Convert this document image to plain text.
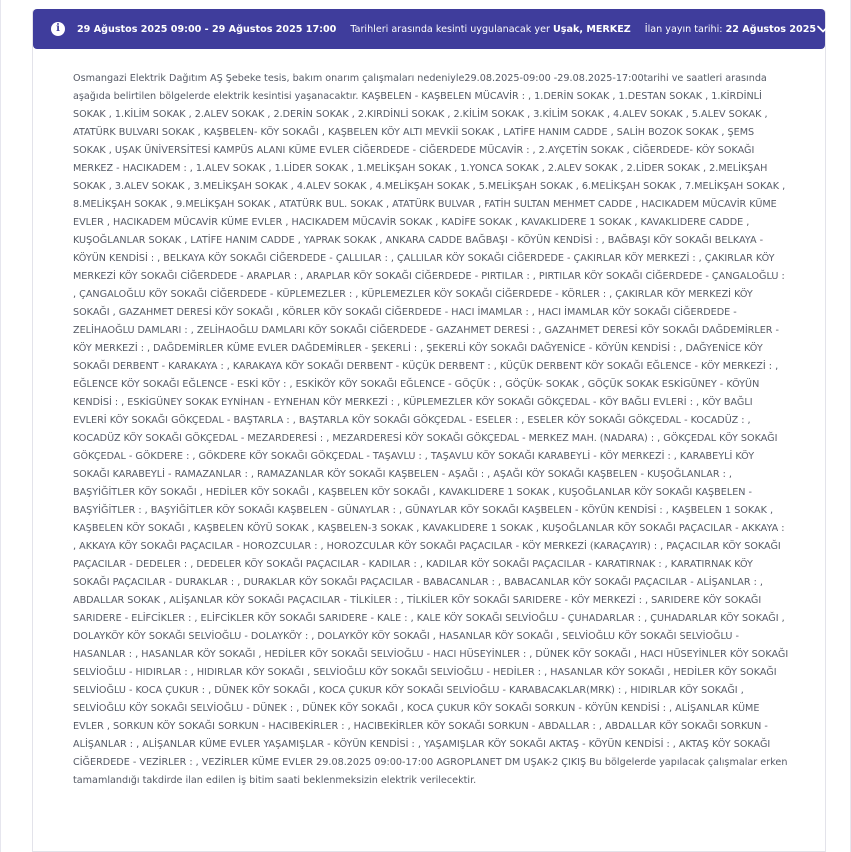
i	29 Ağustos 2025 09:00 - 29 Ağustos 2025 17:00 Tarihleri arasında kesinti uygulanacak yer
Uşak, MERKEZ İlan yayın tarihi:
22 Ağustos 2025
Osmangazi Elektrik Dağıtım AŞ Şebeke tesis, bakım onarım çalışmaları nedeniyle29.08.2025-09:00 -29.08.2025-17:00tarihi ve saatleri arasında aşağıda belirtilen bölgelerde elektrik kesintisi yaşanacaktır. KAŞBELEN - KAŞBELEN MÜCAVİR : , 1.DERİN SOKAK , 1.DESTAN SOKAK , 1.KİRDİNLİ SOKAK , 1.KİLİM SOKAK , 2.ALEV SOKAK , 2.DERİN SOKAK , 2.KIRDİNLİ SOKAK , 2.KİLİM SOKAK , 3.KİLİM SOKAK , 4.ALEV SOKAK , 5.ALEV SOKAK , ATATÜRK BULVARI SOKAK , KAŞBELEN- KÖY SOKAĞI , KAŞBELEN KÖY ALTI MEVKİİ SOKAK , LATİFE HANIM CADDE , SALİH BOZOK SOKAK , ŞEMS SOKAK , UŞAK ÜNİVERSİTESİ KAMPÜS ALANI KÜME EVLER CİĞERDEDE - CİĞERDEDE MÜCAVİR : , 2.AYÇETİN SOKAK , CİĞERDEDE- KÖY SOKAĞI MERKEZ - HACIKADEM : , 1.ALEV SOKAK , 1.LİDER SOKAK , 1.MELİKŞAH SOKAK , 1.YONCA SOKAK , 2.ALEV SOKAK , 2.LİDER SOKAK , 2.MELİKŞAH SOKAK , 3.ALEV SOKAK , 3.MELİKŞAH SOKAK , 4.ALEV SOKAK , 4.MELİKŞAH SOKAK , 5.MELİKŞAH SOKAK , 6.MELİKŞAH SOKAK , 7.MELİKŞAH SOKAK , 8.MELİKŞAH SOKAK , 9.MELİKŞAH SOKAK , ATATÜRK BUL. SOKAK , ATATÜRK BULVAR , FATİH SULTAN MEHMET CADDE , HACIKADEM MÜCAVİR KÜME EVLER , HACIKADEM MÜCAVİR KÜME EVLER , HACIKADEM MÜCAVİR SOKAK , KADİFE SOKAK , KAVAKLIDERE 1 SOKAK , KAVAKLIDERE CADDE , KUŞOĞLANLAR SOKAK , LATİFE HANIM CADDE , YAPRAK SOKAK , ANKARA CADDE BAĞBAŞI - KÖYÜN KENDİSİ : , BAĞBAŞI KÖY SOKAĞI BELKAYA - KÖYÜN KENDİSİ : , BELKAYA KÖY SOKAĞI CİĞERDEDE - ÇALLILAR : , ÇALLILAR KÖY SOKAĞI CİĞERDEDE - ÇAKIRLAR KÖY MERKEZİ : , ÇAKIRLAR KÖY MERKEZİ KÖY SOKAĞI CİĞERDEDE - ARAPLAR : , ARAPLAR KÖY SOKAĞI CİĞERDEDE - PIRTILAR : , PIRTILAR KÖY SOKAĞI CİĞERDEDE - ÇANGALOĞLU : , ÇANGALOĞLU KÖY SOKAĞI CİĞERDEDE - KÜPLEMEZLER : , KÜPLEMEZLER KÖY SOKAĞI CİĞERDEDE - KÖRLER : , ÇAKIRLAR KÖY MERKEZİ KÖY SOKAĞI , GAZAHMET DERESİ KÖY SOKAĞI , KÖRLER KÖY SOKAĞI CİĞERDEDE - HACI İMAMLAR : , HACI İMAMLAR KÖY SOKAĞI CİĞERDEDE - ZELİHAOĞLU DAMLARI : , ZELİHAOĞLU DAMLARI KÖY SOKAĞI CİĞERDEDE - GAZAHMET DERESİ : , GAZAHMET DERESİ KÖY SOKAĞI DAĞDEMİRLER - KÖY MERKEZİ : , DAĞDEMİRLER KÜME EVLER DAĞDEMİRLER - ŞEKERLİ : , ŞEKERLİ KÖY SOKAĞI DAĞYENİCE - KÖYÜN KENDİSİ : , DAĞYENİCE KÖY SOKAĞI DERBENT - KARAKAYA : , KARAKAYA KÖY SOKAĞI DERBENT - KÜÇÜK DERBENT : , KÜÇÜK DERBENT KÖY SOKAĞI EĞLENCE - KÖY MERKEZİ : , EĞLENCE KÖY SOKAĞI EĞLENCE - ESKİ KÖY : , ESKİKÖY KÖY SOKAĞI EĞLENCE - GÖÇÜK : , GÖÇÜK- SOKAK , GÖÇÜK SOKAK ESKİGÜNEY - KÖYÜN KENDİSİ : , ESKİGÜNEY SOKAK EYNİHAN - EYNEHAN KÖY MERKEZİ : , KÜPLEMEZLER KÖY SOKAĞI GÖKÇEDAL - KÖY BAĞLI EVLERİ : , KÖY BAĞLI EVLERİ KÖY SOKAĞI GÖKÇEDAL - BAŞTARLA : , BAŞTARLA KÖY SOKAĞI GÖKÇEDAL - ESELER : , ESELER KÖY SOKAĞI GÖKÇEDAL - KOCADÜZ : , KOCADÜZ KÖY SOKAĞI GÖKÇEDAL - MEZARDERESİ : , MEZARDERESİ KÖY SOKAĞI GÖKÇEDAL - MERKEZ MAH. (NADARA) : , GÖKÇEDAL KÖY SOKAĞI GÖKÇEDAL - GÖKDERE : , GÖKDERE KÖY SOKAĞI GÖKÇEDAL - TAŞAVLU : , TAŞAVLU KÖY SOKAĞI KARABEYLİ - KÖY MERKEZİ : , KARABEYLİ KÖY SOKAĞI KARABEYLİ - RAMAZANLAR : , RAMAZANLAR KÖY SOKAĞI KAŞBELEN - AŞAĞI : , AŞAĞI KÖY SOKAĞI KAŞBELEN - KUŞOĞLANLAR : , BAŞYİĞİTLER KÖY SOKAĞI , HEDİLER KÖY SOKAĞI , KAŞBELEN KÖY SOKAĞI , KAVAKLIDERE 1 SOKAK , KUŞOĞLANLAR KÖY SOKAĞI KAŞBELEN - BAŞYİĞİTLER : , BAŞYİĞİTLER KÖY SOKAĞI KAŞBELEN - GÜNAYLAR : , GÜNAYLAR KÖY SOKAĞI KAŞBELEN - KÖYÜN KENDİSİ : , KAŞBELEN 1 SOKAK , KAŞBELEN KÖY SOKAĞI , KAŞBELEN KÖYÜ SOKAK , KAŞBELEN-3 SOKAK , KAVAKLIDERE 1 SOKAK , KUŞOĞLANLAR KÖY SOKAĞI PAÇACILAR - AKKAYA : , AKKAYA KÖY SOKAĞI PAÇACILAR - HOROZCULAR : , HOROZCULAR KÖY SOKAĞI PAÇACILAR - KÖY MERKEZİ (KARAÇAYIR) : , PAÇACILAR KÖY SOKAĞI PAÇACILAR - DEDELER : , DEDELER KÖY SOKAĞI PAÇACILAR - KADILAR : , KADILAR KÖY SOKAĞI PAÇACILAR - KARATIRNAK : , KARATIRNAK KÖY SOKAĞI PAÇACILAR - DURAKLAR : , DURAKLAR KÖY SOKAĞI PAÇACILAR - BABACANLAR : , BABACANLAR KÖY SOKAĞI PAÇACILAR - ALİŞANLAR : , ABDALLAR SOKAK , ALİŞANLAR KÖY SOKAĞI PAÇACILAR - TİLKİLER : , TİLKİLER KÖY SOKAĞI SARIDERE - KÖY MERKEZİ : , SARIDERE KÖY SOKAĞI SARIDERE - ELİFCİKLER : , ELİFCİKLER KÖY SOKAĞI SARIDERE - KALE : , KALE KÖY SOKAĞI SELVİOĞLU - ÇUHADARLAR : , ÇUHADARLAR KÖY SOKAĞI , DOLAYKÖY KÖY SOKAĞI SELVİOĞLU - DOLAYKÖY : , DOLAYKÖY KÖY SOKAĞI , HASANLAR KÖY SOKAĞI , SELVİOĞLU KÖY SOKAĞI SELVİOĞLU - HASANLAR : , HASANLAR KÖY SOKAĞI , HEDİLER KÖY SOKAĞI SELVİOĞLU - HACI HÜSEYİNLER : , DÜNEK KÖY SOKAĞI , HACI HÜSEYİNLER KÖY SOKAĞI SELVİOĞLU - HIDIRLAR : , HIDIRLAR KÖY SOKAĞI , SELVİOĞLU KÖY SOKAĞI SELVİOĞLU - HEDİLER : , HASANLAR KÖY SOKAĞI , HEDİLER KÖY SOKAĞI SELVİOĞLU - KOCA ÇUKUR : , DÜNEK KÖY SOKAĞI , KOCA ÇUKUR KÖY SOKAĞI SELVİOĞLU - KARABACAKLAR(MRK) : , HIDIRLAR KÖY SOKAĞI , SELVİOĞLU KÖY SOKAĞI SELVİOĞLU - DÜNEK : , DÜNEK KÖY SOKAĞI , KOCA ÇUKUR KÖY SOKAĞI SORKUN - KÖYÜN KENDİSİ : , ALİŞANLAR KÜME EVLER , SORKUN KÖY SOKAĞI SORKUN - HACIBEKİRLER : , HACIBEKİRLER KÖY SOKAĞI SORKUN - ABDALLAR : , ABDALLAR KÖY SOKAĞI SORKUN - ALİŞANLAR : , ALİŞANLAR KÜME EVLER YAŞAMIŞLAR - KÖYÜN KENDİSİ : , YAŞAMIŞLAR KÖY SOKAĞI AKTAŞ - KÖYÜN KENDİSİ : , AKTAŞ KÖY SOKAĞI CİĞERDEDE - VEZİRLER : , VEZİRLER KÜME EVLER 29.08.2025 09:00-17:00 AGROPLANET DM UŞAK-2 ÇIKIŞ Bu bölgelerde yapılacak çalışmalar erken tamamlandığı takdirde ilan edilen iş bitim saati beklenmeksizin elektrik verilecektir.
